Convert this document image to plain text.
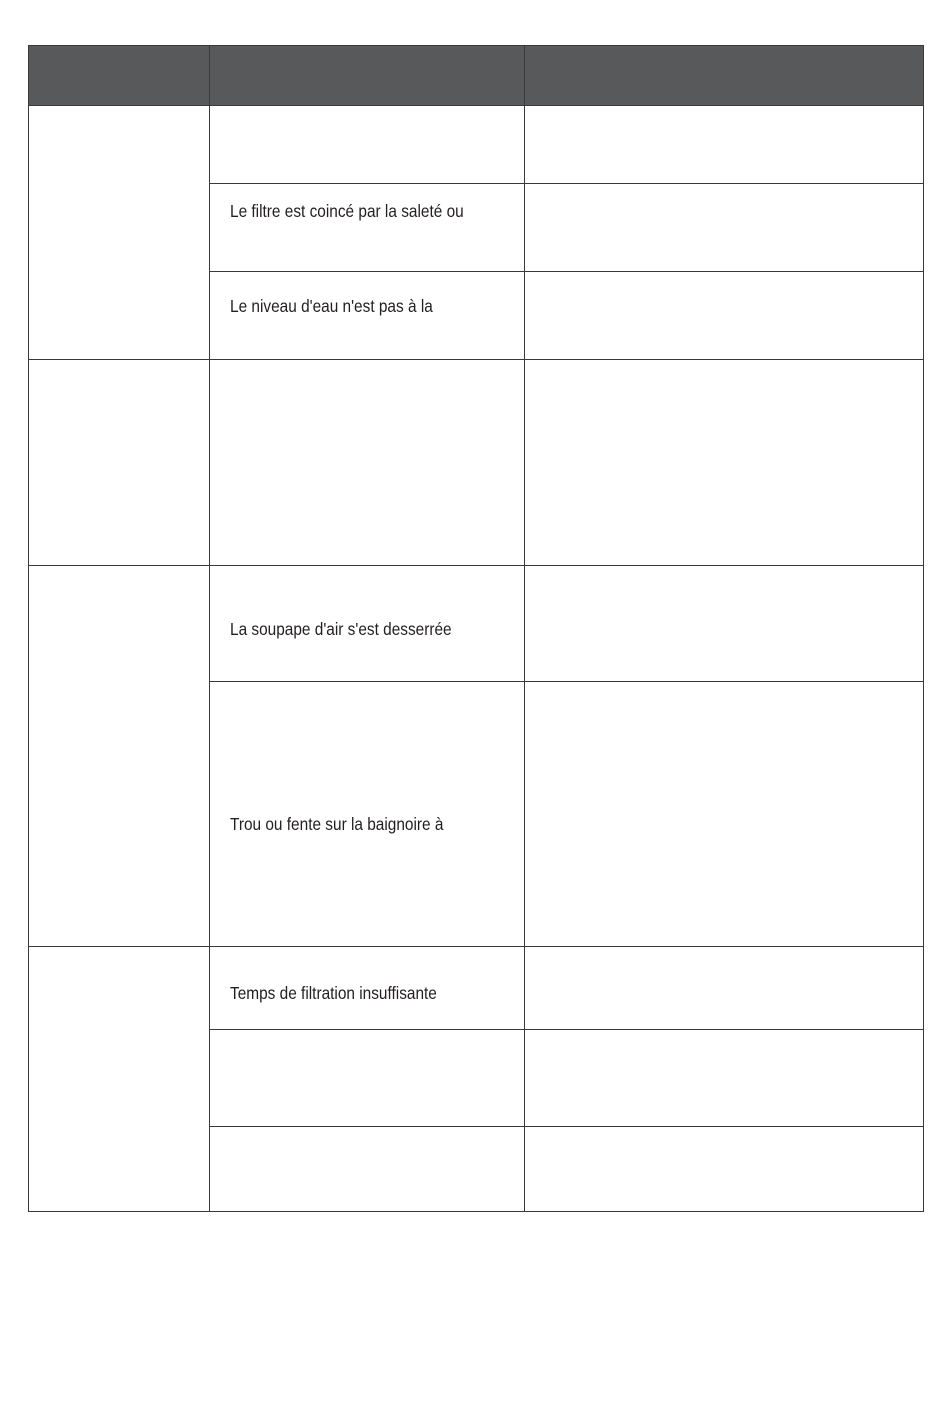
	Le filtre est coincé par la saleté ou	
	Le niveau d'eau n'est pas à la	

	La soupape d'air s'est desserrée	
	Trou ou fente sur la baignoire à	
	Temps de filtration insuffisante	
